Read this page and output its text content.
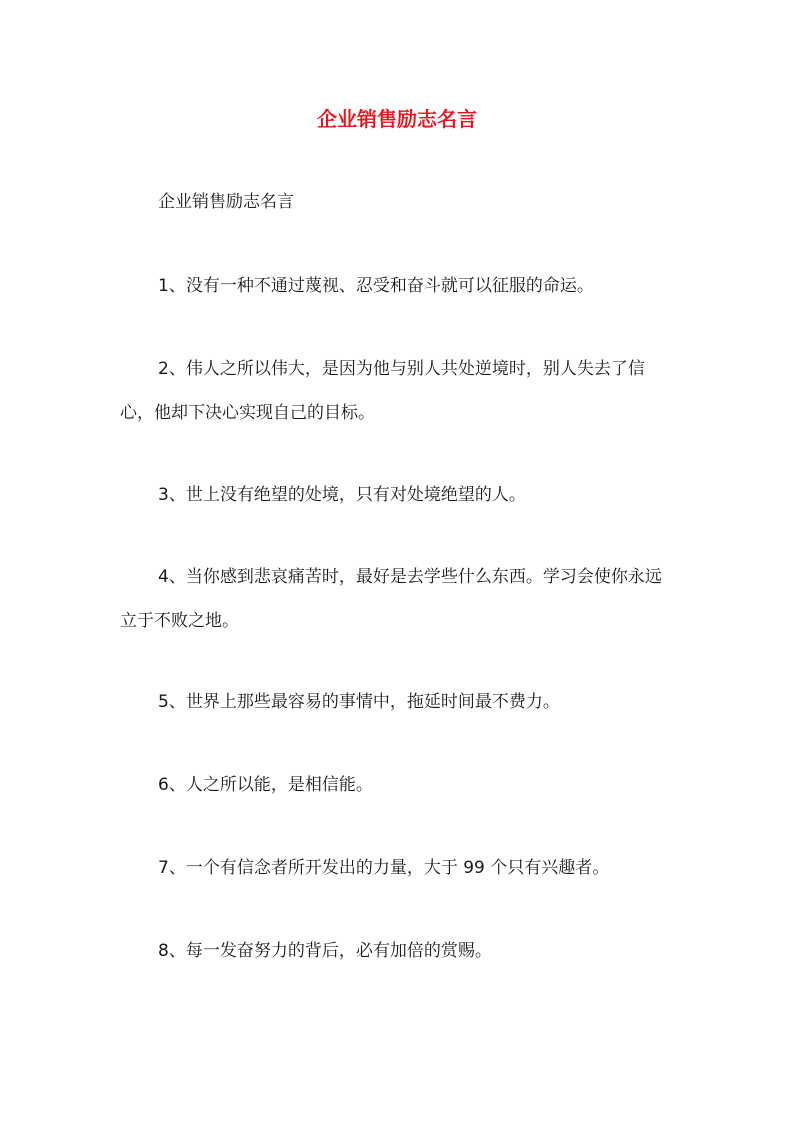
企业销售励志名言
企业销售励志名言
1、没有一种不通过蔑视、忍受和奋斗就可以征服的命运。
2、伟人之所以伟大，是因为他与别人共处逆境时，别人失去了信心，他却下决心实现自己的目标。
3、世上没有绝望的处境，只有对处境绝望的人。
4、当你感到悲哀痛苦时，最好是去学些什么东西。学习会使你永远立于不败之地。
5、世界上那些最容易的事情中，拖延时间最不费力。
6、人之所以能，是相信能。
7、一个有信念者所开发出的力量，大于 99 个只有兴趣者。
8、每一发奋努力的背后，必有加倍的赏赐。
